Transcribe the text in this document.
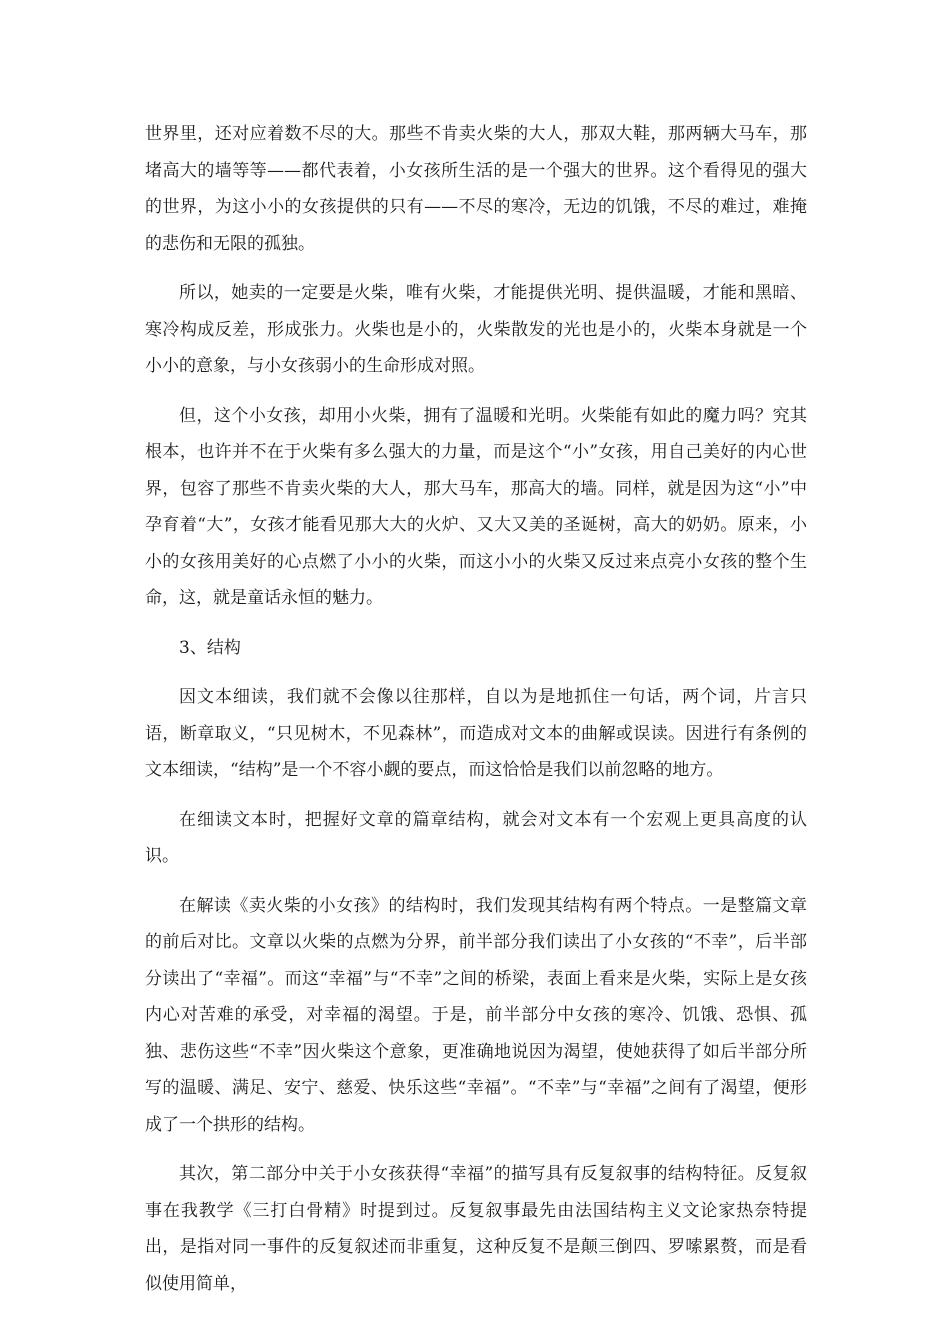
世界里，还对应着数不尽的大。那些不肯卖火柴的大人，那双大鞋，那两辆大马车，那堵高大的墙等等——都代表着，小女孩所生活的是一个强大的世界。这个看得见的强大的世界，为这小小的女孩提供的只有——不尽的寒冷，无边的饥饿，不尽的难过，难掩的悲伤和无限的孤独。

所以，她卖的一定要是火柴，唯有火柴，才能提供光明、提供温暖，才能和黑暗、寒冷构成反差，形成张力。火柴也是小的，火柴散发的光也是小的，火柴本身就是一个小小的意象，与小女孩弱小的生命形成对照。

但，这个小女孩，却用小火柴，拥有了温暖和光明。火柴能有如此的魔力吗？究其根本，也许并不在于火柴有多么强大的力量，而是这个“小”女孩，用自己美好的内心世界，包容了那些不肯卖火柴的大人，那大马车，那高大的墙。同样，就是因为这“小”中孕育着“大”，女孩才能看见那大大的火炉、又大又美的圣诞树，高大的奶奶。原来，小小的女孩用美好的心点燃了小小的火柴，而这小小的火柴又反过来点亮小女孩的整个生命，这，就是童话永恒的魅力。

3、结构

因文本细读，我们就不会像以往那样，自以为是地抓住一句话，两个词，片言只语，断章取义，“只见树木，不见森林”，而造成对文本的曲解或误读。因进行有条例的文本细读，“结构”是一个不容小觑的要点，而这恰恰是我们以前忽略的地方。

在细读文本时，把握好文章的篇章结构，就会对文本有一个宏观上更具高度的认识。

在解读《卖火柴的小女孩》的结构时，我们发现其结构有两个特点。一是整篇文章的前后对比。文章以火柴的点燃为分界，前半部分我们读出了小女孩的“不幸”，后半部分读出了“幸福”。而这“幸福”与“不幸”之间的桥梁，表面上看来是火柴，实际上是女孩内心对苦难的承受，对幸福的渴望。于是，前半部分中女孩的寒冷、饥饿、恐惧、孤独、悲伤这些“不幸”因火柴这个意象，更准确地说因为渴望，使她获得了如后半部分所写的温暖、满足、安宁、慈爱、快乐这些“幸福”。“不幸”与“幸福”之间有了渴望，便形成了一个拱形的结构。

其次，第二部分中关于小女孩获得“幸福”的描写具有反复叙事的结构特征。反复叙事在我教学《三打白骨精》时提到过。反复叙事最先由法国结构主义文论家热奈特提出，是指对同一事件的反复叙述而非重复，这种反复不是颠三倒四、罗嗦累赘，而是看似使用简单，
